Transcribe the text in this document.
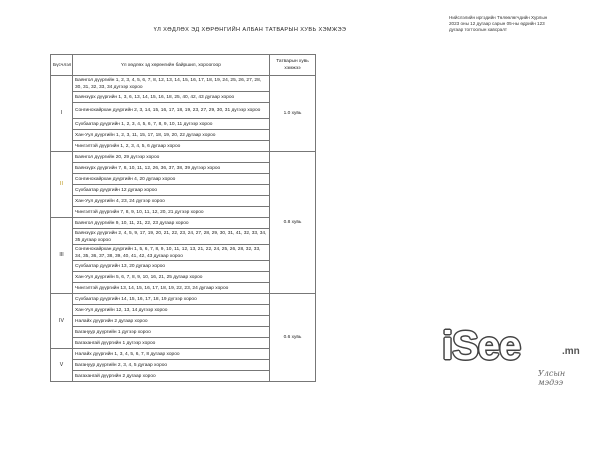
Нийслэлийн иргэдийн Төлөөлөгчдийн Хурлын
2023 оны 12 дугаар сарын 05-ны өдрийн 123
дугаар тогтоолын хавсралт
ҮЛ ХӨДЛӨХ ЭД ХӨРӨНГИЙН АЛБАН ТАТВАРЫН ХУВЬ ХЭМЖЭЭ
Бүсчлэл	Үл хөдлөх эд хөрөнгийн байршил, хороогоор	Татварын хувь хэмжээ
I	Баянгол дүүргийн 1, 2, 3, 4, 5, 6, 7, 8, 12, 13, 14, 15, 16, 17, 18, 19, 24, 25, 26, 27, 28, 30, 31, 32, 33, 34 дүгээр хороо	1.0 хувь
	Баянзүрх дүүргийн 1, 3, 6, 13, 14, 15, 16, 18, 25, 40, 42, 43 дугаар хороо	
	Сонгинохайрхан дүүргийн 2, 3, 14, 15, 16, 17, 18, 19, 23, 27, 29, 30, 31 дүгээр хороо	
	Сүхбаатар дүүргийн 1, 2, 3, 4, 5, 6, 7, 8, 9, 10, 11 дүгээр хороо	
	Хан-Уул дүүргийн 1, 2, 3, 11, 15, 17, 18, 19, 20, 22 дугаар хороо	
	Чингэлтэй дүүргийн 1, 2, 3, 4, 5, 6 дугаар хороо	
II	Баянгол дүүргийн 20, 29 дүгээр хороо	0.8 хувь
	Баянзүрх дүүргийн 7, 8, 10, 11, 12, 26, 36, 37, 38, 39 дүгээр хороо	
	Сонгинохайрхан дүүргийн 4, 20 дугаар хороо	
	Сүхбаатар дүүргийн 12 дугаар хороо	
	Хан-Уул дүүргийн 4, 23, 24 дүгээр хороо	
	Чингэлтэй дүүргийн 7, 8, 9, 10, 11, 12, 20, 21 дүгээр хороо	
III	Баянгол дүүргийн 9, 10, 11, 21, 22, 23 дугаар хороо	
	Баянзүрх дүүргийн 2, 4, 5, 9, 17, 19, 20, 21, 22, 23, 24, 27, 28, 29, 30, 31, 41, 32, 33, 34, 35 дугаар хороо	
	Сонгинохайрхан дүүргийн 1, 5, 6, 7, 8, 9, 10, 11, 12, 13, 21, 22, 24, 25, 26, 28, 32, 33, 34, 35, 36, 37, 38, 39, 40, 41, 42, 43 дугаар хороо	
	Сүхбаатар дүүргийн 13, 20 дугаар хороо	
	Хан-Уул дүүргийн 5, 6, 7, 8, 9, 10, 16, 21, 25 дугаар хороо	
	Чингэлтэй дүүргийн 13, 14, 15, 16, 17, 18, 19, 22, 23, 24 дугаар хороо	
IV	Сүхбаатар дүүргийн 14, 15, 16, 17, 18, 19 дүгээр хороо	0.6 хувь
	Хан-Уул дүүргийн 12, 13, 14 дүгээр хороо	
	Налайх дүүргийн 2 дугаар хороо	
	Багануур дүүргийн 1 дүгээр хороо	
	Багахангай дүүргийн 1 дүгээр хороо	
V	Налайх дүүргийн 1, 3, 4, 5, 6, 7, 8 дугаар хороо	
	Багануур дүүргийн 2, 3, 4, 5 дугаар хороо	
	Багахангай дүүргийн 2 дугаар хороо	
iSee	.mn
Улсын мэдээ
